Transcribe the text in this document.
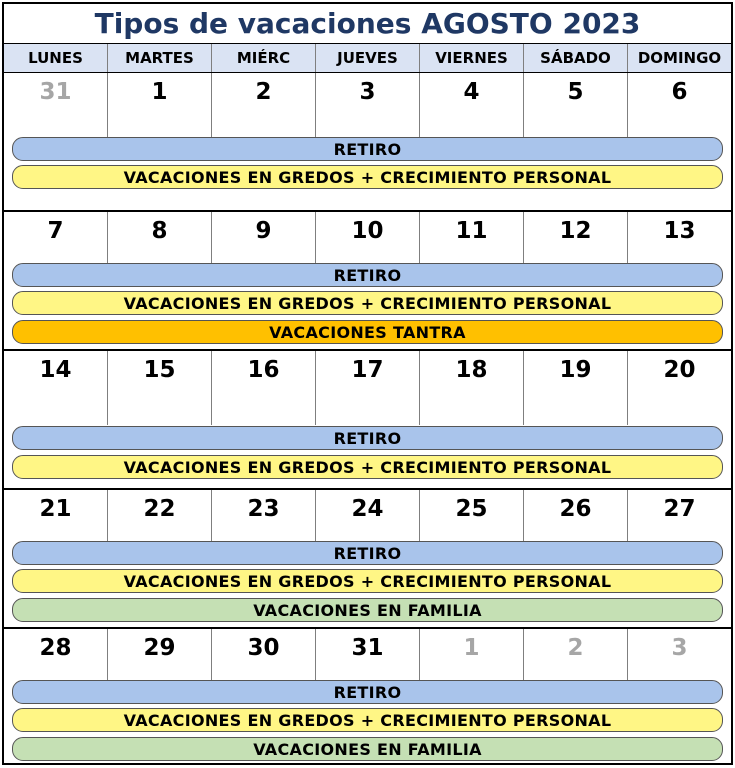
Tipos de vacaciones AGOSTO 2023
LUNES	MARTES	MIÉRC	JUEVES	VIERNES	SÁBADO	DOMINGO
31	1	2	3	4	5	6
RETIRO
VACACIONES EN GREDOS + CRECIMIENTO PERSONAL
7	8	9	10	11	12	13
RETIRO
VACACIONES EN GREDOS + CRECIMIENTO PERSONAL
VACACIONES TANTRA
14	15	16	17	18	19	20
RETIRO
VACACIONES EN GREDOS + CRECIMIENTO PERSONAL
21	22	23	24	25	26	27
RETIRO
VACACIONES EN GREDOS + CRECIMIENTO PERSONAL
VACACIONES EN FAMILIA
28	29	30	31	1	2	3
RETIRO
VACACIONES EN GREDOS + CRECIMIENTO PERSONAL
VACACIONES EN FAMILIA
